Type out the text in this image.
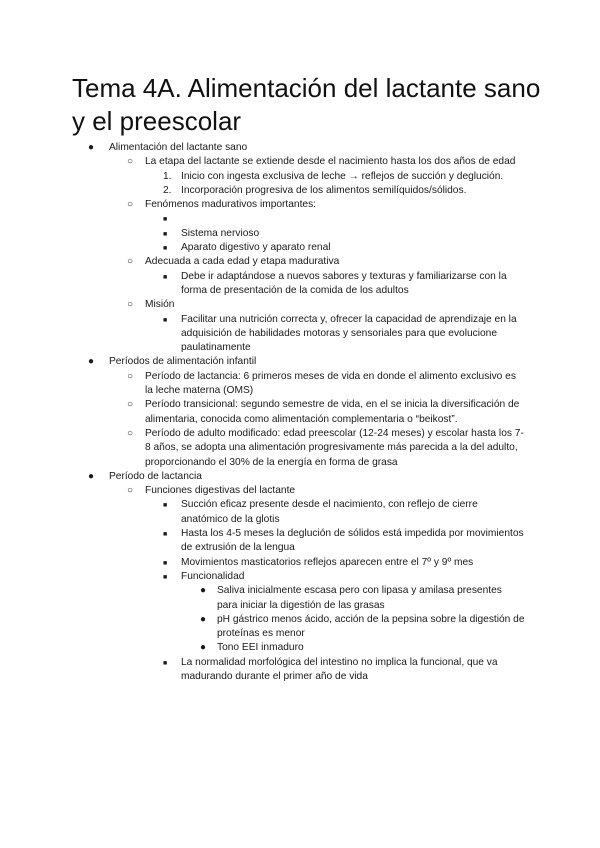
Tema 4A. Alimentación del lactante sano y el preescolar
● Alimentación del lactante sano
○ La etapa del lactante se extiende desde el nacimiento hasta los dos años de edad
1. Inicio con ingesta exclusiva de leche → reflejos de succión y deglución.
2. Incorporación progresiva de los alimentos semilíquidos/sólidos.
○ Fenómenos madurativos importantes:
■

■ Sistema nervioso
■ Aparato digestivo y aparato renal
○ Adecuada a cada edad y etapa madurativa
■ Debe ir adaptándose a nuevos sabores y texturas y familiarizarse con la forma de presentación de la comida de los adultos
○ Misión
■ Facilitar una nutrición correcta y, ofrecer la capacidad de aprendizaje en la adquisición de habilidades motoras y sensoriales para que evolucione paulatinamente
● Períodos de alimentación infantil
○ Período de lactancia: 6 primeros meses de vida en donde el alimento exclusivo es la leche materna (OMS)
○ Período transicional: segundo semestre de vida, en el se inicia la diversificación de alimentaria, conocida como alimentación complementaria o “beikost”.
○ Período de adulto modificado: edad preescolar (12-24 meses) y escolar hasta los 7-8 años, se adopta una alimentación progresivamente más parecida a la del adulto, proporcionando el 30% de la energía en forma de grasa
● Período de lactancia
○ Funciones digestivas del lactante
■ Succión eficaz presente desde el nacimiento, con reflejo de cierre anatómico de la glotis
■ Hasta los 4-5 meses la deglución de sólidos está impedida por movimientos de extrusión de la lengua
■ Movimientos masticatorios reflejos aparecen entre el 7º y 9º mes
■ Funcionalidad
● Saliva inicialmente escasa pero con lipasa y amilasa presentes para iniciar la digestión de las grasas
● pH gástrico menos ácido, acción de la pepsina sobre la digestión de proteínas es menor
● Tono EEI inmaduro
■ La normalidad morfológica del intestino no implica la funcional, que va madurando durante el primer año de vida
